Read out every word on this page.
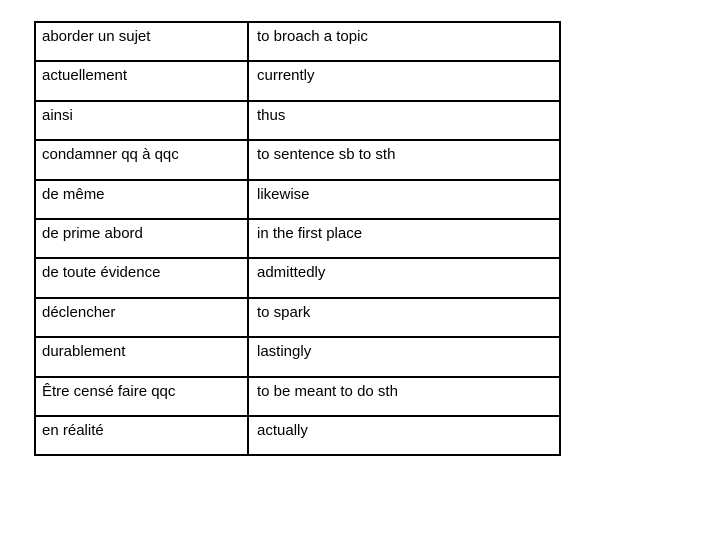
aborder un sujet	to broach a topic

actuellement	currently

ainsi	thus

condamner qq à qqc	to sentence sb to sth

de même	likewise

de prime abord	in the first place

de toute évidence	admittedly

déclencher	to spark

durablement	lastingly

Être censé faire qqc	to be meant to do sth

en réalité	actually
